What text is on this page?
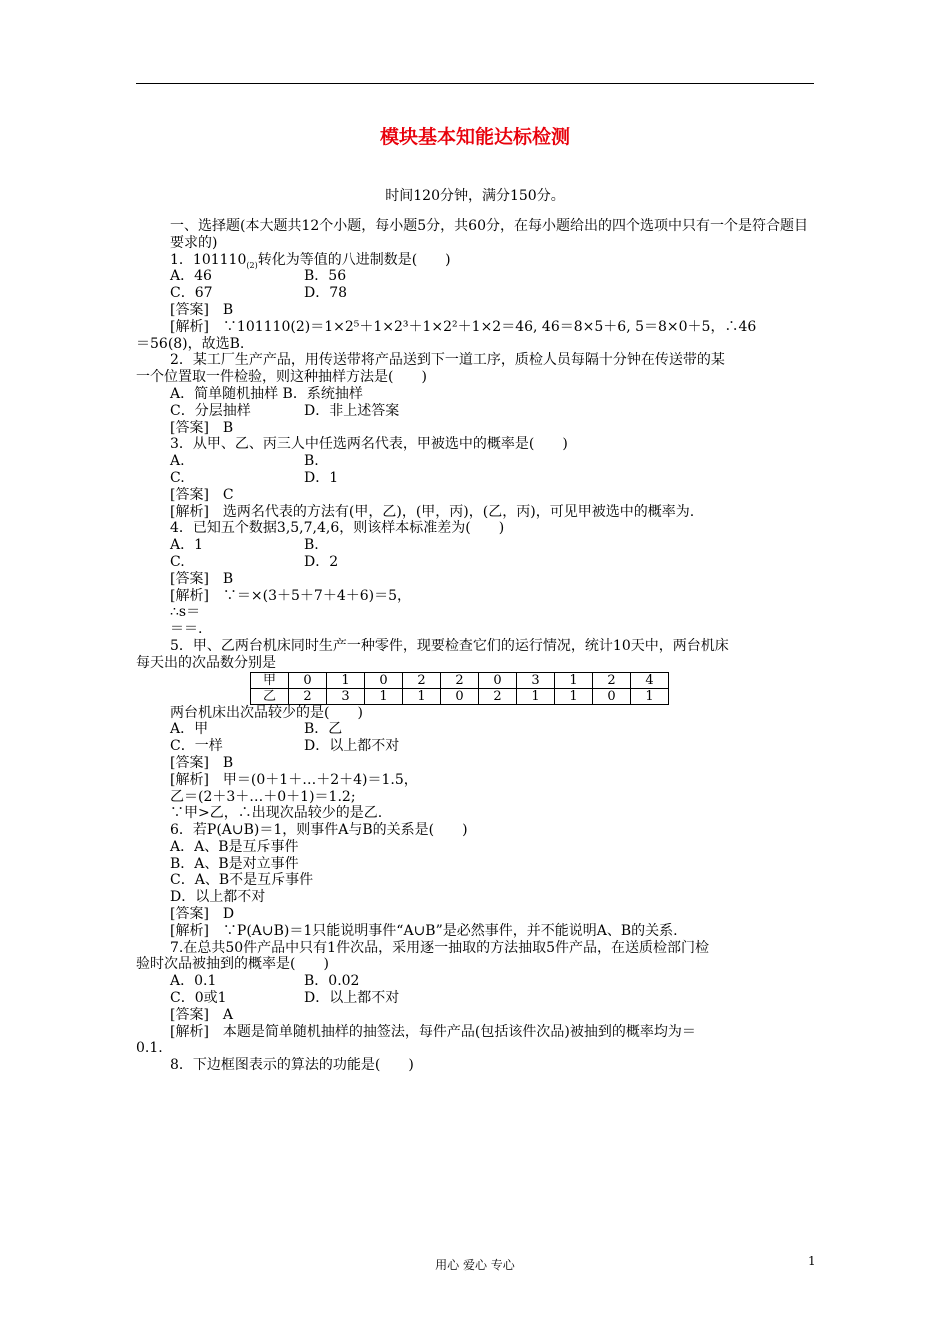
模块基本知能达标检测
时间120分钟，满分150分。
一、选择题(本大题共12个小题，每小题5分，共60分，在每小题给出的四个选项中只有一个是符合题目要求的)
1．$101110_{(2)}$转化为等值的八进制数是(　　)
A．46	B．56
C．67	D．78
[答案]　B
[解析]　∵101110(2)＝1×2⁵＋1×2³＋1×2²＋1×2＝46, 46＝8×5＋6, 5＝8×0＋5，∴46
＝56(8)，故选B.
2．某工厂生产产品，用传送带将产品送到下一道工序，质检人员每隔十分钟在传送带的某
一个位置取一件检验，则这种抽样方法是(　　)
A．简单随机抽样 B．系统抽样
C．分层抽样	D．非上述答案
[答案]　B
3．从甲、乙、丙三人中任选两名代表，甲被选中的概率是(　　)
A.	B.
C.	D．1
[答案]　C
[解析]　选两名代表的方法有(甲，乙)，(甲，丙)，(乙，丙)，可见甲被选中的概率为.
4．已知五个数据3,5,7,4,6，则该样本标准差为(　　)
A．1	B.
C.	D．2
[答案]　B
[解析]　∵＝×(3＋5＋7＋4＋6)＝5，
∴s＝
＝＝.
5．甲、乙两台机床同时生产一种零件，现要检查它们的运行情况，统计10天中，两台机床
每天出的次品数分别是
甲	0	1	0	2	2	0	3	1	2	4
乙	2	3	1	1	0	2	1	1	0	1
两台机床出次品较少的是(　　)
A．甲	B．乙
C．一样	D．以上都不对
[答案]　B
[解析]　甲＝(0＋1＋…＋2＋4)＝1.5，
乙＝(2＋3＋…＋0＋1)＝1.2;
∵甲>乙，∴出现次品较少的是乙.
6．若P(A∪B)＝1，则事件A与B的关系是(　　)
A．A、B是互斥事件
B．A、B是对立事件
C．A、B不是互斥事件
D．以上都不对
[答案]　D
[解析]　∵P(A∪B)＝1只能说明事件“A∪B”是必然事件，并不能说明A、B的关系.
7.在总共50件产品中只有1件次品，采用逐一抽取的方法抽取5件产品，在送质检部门检
验时次品被抽到的概率是(　　)
A．0.1	B．0.02
C．0或1	D．以上都不对
[答案]　A
[解析]　本题是简单随机抽样的抽签法，每件产品(包括该件次品)被抽到的概率均为＝
0.1.
8．下边框图表示的算法的功能是(　　)
用心 爱心 专心	1
